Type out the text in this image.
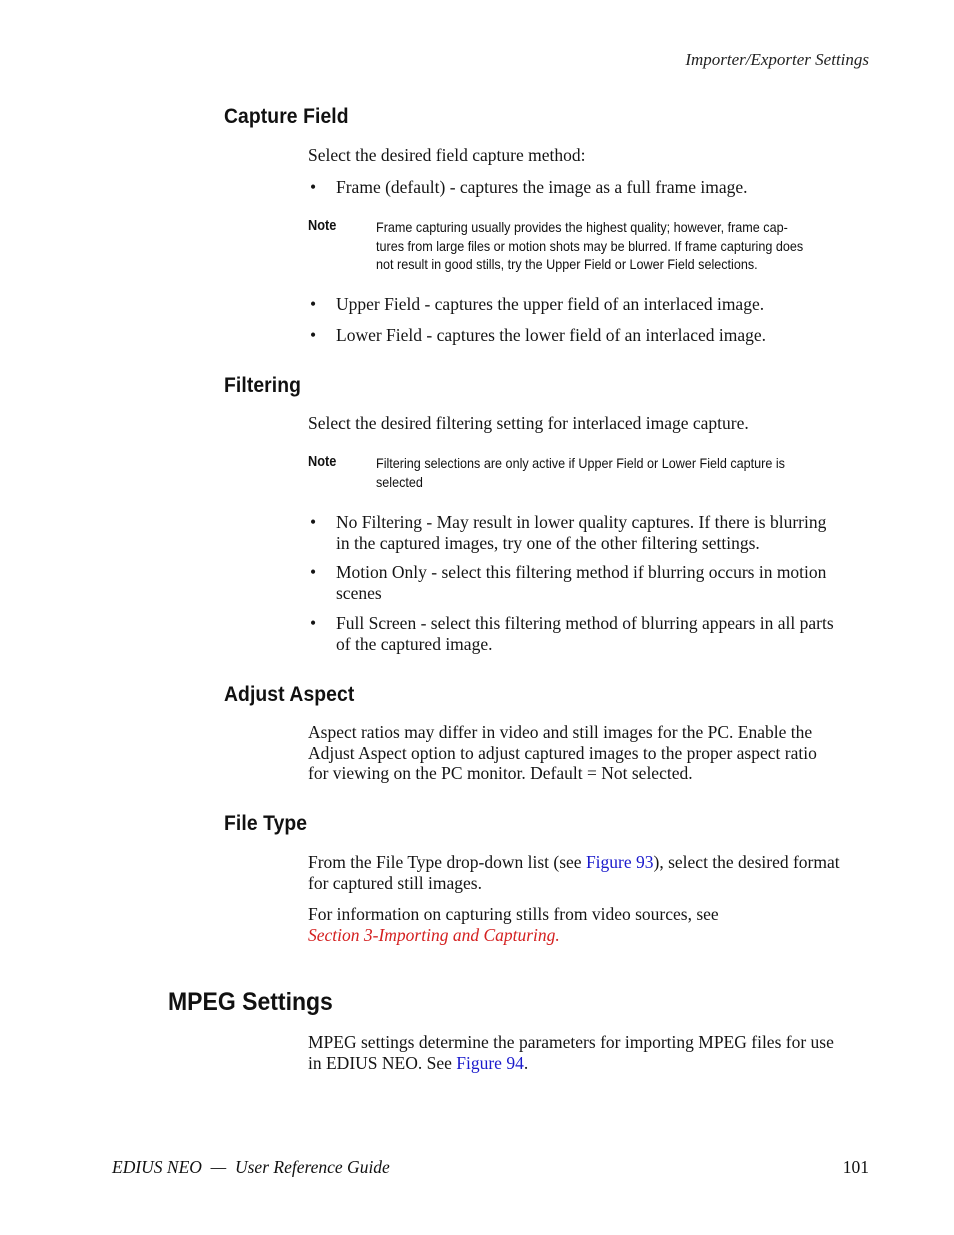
Importer/Exporter Settings
Capture Field
Select the desired field capture method:
• Frame (default) - captures the image as a full frame image.
Note	Frame capturing usually provides the highest quality; however, frame cap-
tures from large files or motion shots may be blurred. If frame capturing does
not result in good stills, try the Upper Field or Lower Field selections.
• Upper Field - captures the upper field of an interlaced image.
• Lower Field - captures the lower field of an interlaced image.
Filtering
Select the desired filtering setting for interlaced image capture.
Note	Filtering selections are only active if Upper Field or Lower Field capture is
selected
• No Filtering - May result in lower quality captures. If there is blurring
in the captured images, try one of the other filtering settings.
• Motion Only - select this filtering method if blurring occurs in motion
scenes
• Full Screen - select this filtering method of blurring appears in all parts
of the captured image.
Adjust Aspect
Aspect ratios may differ in video and still images for the PC. Enable the
Adjust Aspect option to adjust captured images to the proper aspect ratio
for viewing on the PC monitor. Default = Not selected.
File Type
From the File Type drop-down list (see Figure 93), select the desired format
for captured still images.
For information on capturing stills from video sources, see
Section 3-Importing and Capturing.
MPEG Settings
MPEG settings determine the parameters for importing MPEG files for use
in EDIUS NEO. See Figure 94.
EDIUS NEO  —  User Reference Guide	101
